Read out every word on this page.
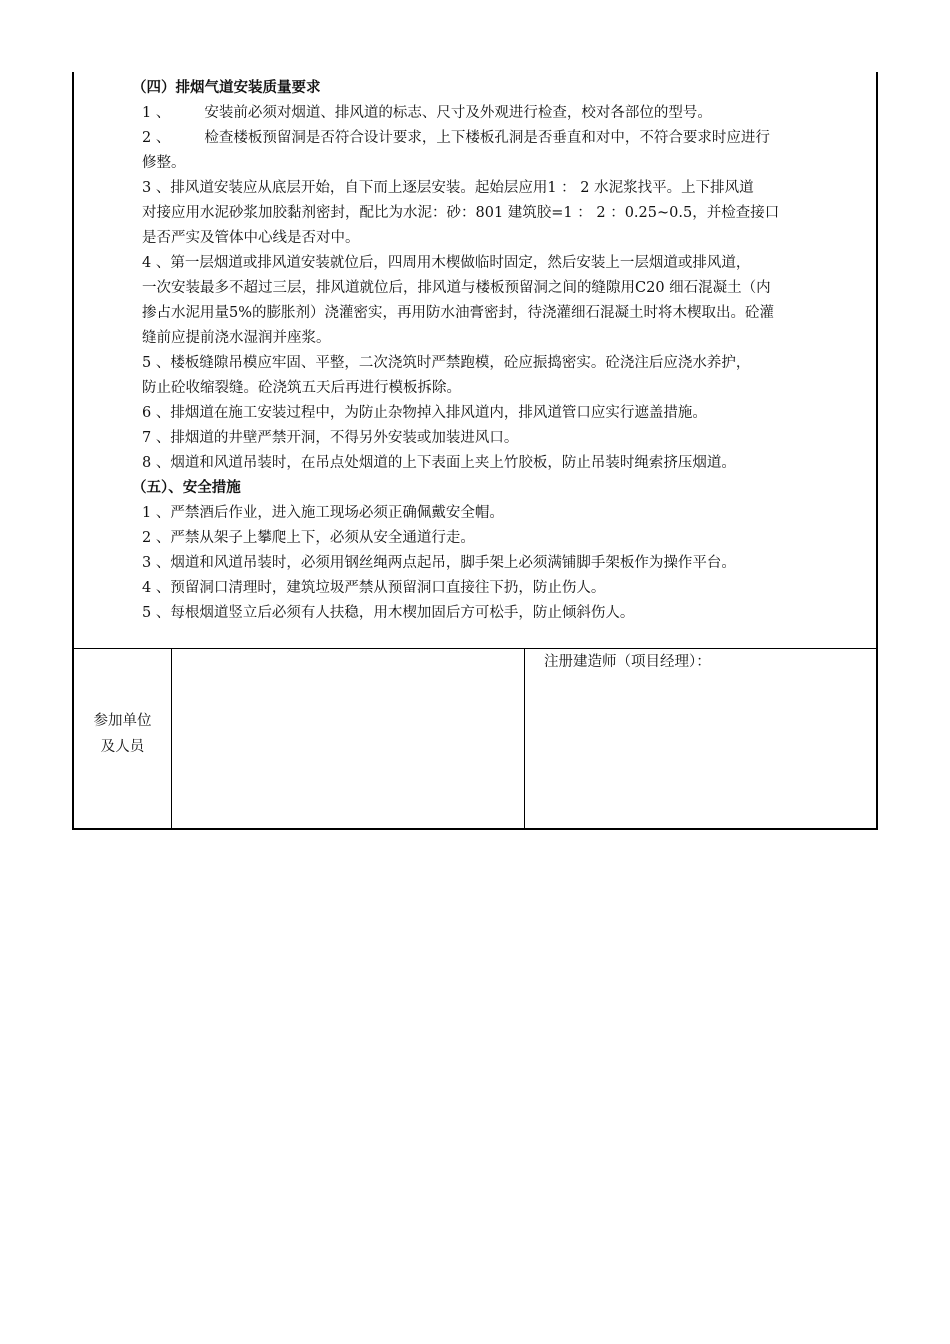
（四）排烟气道安装质量要求
1 、 安装前必须对烟道、排风道的标志、尺寸及外观进行检查，校对各部位的型号。
2 、 检查楼板预留洞是否符合设计要求，上下楼板孔洞是否垂直和对中，不符合要求时应进行
修整。
3 、排风道安装应从底层开始，自下而上逐层安装。起始层应用1 ： 2 水泥浆找平。上下排风道
对接应用水泥砂浆加胶黏剂密封，配比为水泥：砂：801 建筑胶=1 ： 2 ：0.25~0.5，并检查接口
是否严实及管体中心线是否对中。
4 、第一层烟道或排风道安装就位后，四周用木楔做临时固定，然后安装上一层烟道或排风道，
一次安装最多不超过三层，排风道就位后，排风道与楼板预留洞之间的缝隙用C20 细石混凝土（内
掺占水泥用量5%的膨胀剂）浇灌密实，再用防水油膏密封，待浇灌细石混凝土时将木楔取出。砼灌
缝前应提前浇水湿润并座浆。
5 、楼板缝隙吊模应牢固、平整，二次浇筑时严禁跑模，砼应振捣密实。砼浇注后应浇水养护，
防止砼收缩裂缝。砼浇筑五天后再进行模板拆除。
6 、排烟道在施工安装过程中，为防止杂物掉入排风道内，排风道管口应实行遮盖措施。
7 、排烟道的井壁严禁开洞，不得另外安装或加装进风口。
8 、烟道和风道吊装时，在吊点处烟道的上下表面上夹上竹胶板，防止吊装时绳索挤压烟道。
（五）、安全措施
1 、严禁酒后作业，进入施工现场必须正确佩戴安全帽。
2 、严禁从架子上攀爬上下，必须从安全通道行走。
3 、烟道和风道吊装时，必须用钢丝绳两点起吊，脚手架上必须满铺脚手架板作为操作平台。
4 、预留洞口清理时，建筑垃圾严禁从预留洞口直接往下扔，防止伤人。
5 、每根烟道竖立后必须有人扶稳，用木楔加固后方可松手，防止倾斜伤人。
参加单位
及人员
注册建造师（项目经理）：
